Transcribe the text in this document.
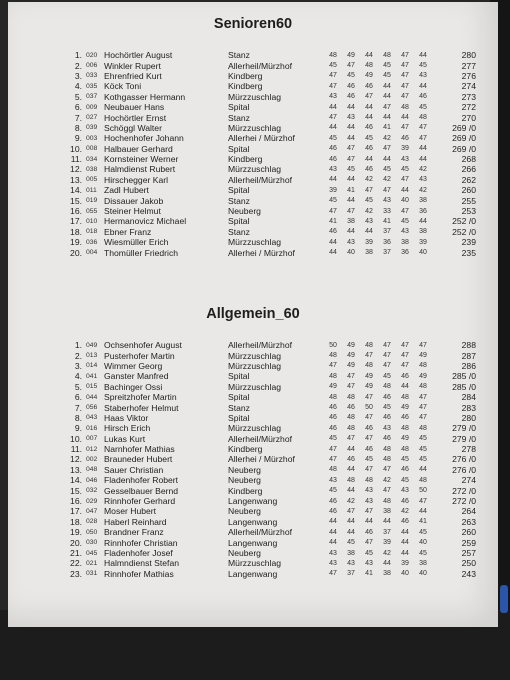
Senioren60
1. 020 Hochörtler August	Stanz	48	49	44	48	47	44	280
2. 006 Winkler Rupert	Allerheil/Mürzhof	45	47	48	45	47	45	277
3. 033 Ehrenfried Kurt	Kindberg	47	45	49	45	47	43	276
4. 035 Köck Toni	Kindberg	47	46	46	44	47	44	274
5. 037 Kothgasser Hermann	Mürzzuschlag	43	46	47	44	47	46	273
6. 009 Neubauer Hans	Spital	44	44	44	47	48	45	272
7. 027 Hochörtler Ernst	Stanz	47	43	44	44	44	48	270
8. 039 Schöggl Walter	Mürzzuschlag	44	44	46	41	47	47	269 /0
9. 003 Hochenhofer Johann	Allerhei / Mürzhof	45	44	45	42	46	47	269 /0
10. 008 Halbauer Gerhard	Spital	46	47	46	47	39	44	269 /0
11. 034 Kornsteiner Werner	Kindberg	46	47	44	44	43	44	268
12. 038 Halmdienst Rubert	Mürzzuschlag	43	45	46	45	45	42	266
13. 005 Hirschegger Karl	Allerheil/Mürzhof	44	44	42	42	47	43	262
14. 011 Zadl Hubert	Spital	39	41	47	47	44	42	260
15. 019 Dissauer Jakob	Stanz	45	44	45	43	40	38	255
16. 055 Steiner Helmut	Neuberg	47	47	42	33	47	36	253
17. 010 Hermanovicz Michael	Spital	41	38	43	41	45	44	252 /0
18. 018 Ebner Franz	Stanz	46	44	44	37	43	38	252 /0
19. 036 Wiesmüller Erich	Mürzzuschlag	44	43	39	36	38	39	239
20. 004 Thomüller Friedrich	Allerhei / Mürzhof	44	40	38	37	36	40	235
Allgemein_60
1. 049 Ochsenhofer August	Allerheil/Mürzhof	50	49	48	47	47	47	288
2. 013 Pusterhofer Martin	Mürzzuschlag	48	49	47	47	47	49	287
3. 014 Wimmer Georg	Mürzzuschlag	47	49	48	47	47	48	286
4. 041 Ganster Manfred	Spital	48	47	49	45	46	49	285 /0
5. 015 Bachinger Ossi	Mürzzuschlag	49	47	49	48	44	48	285 /0
6. 044 Spreitzhofer Martin	Spital	48	48	47	46	48	47	284
7. 056 Staberhofer Helmut	Stanz	46	46	50	45	49	47	283
8. 043 Haas Viktor	Spital	46	48	47	46	46	47	280
9. 016 Hirsch Erich	Mürzzuschlag	46	48	46	43	48	48	279 /0
10. 007 Lukas Kurt	Allerheil/Mürzhof	45	47	47	46	49	45	279 /0
11. 012 Narnhofer Mathias	Kindberg	47	44	46	48	48	45	278
12. 002 Brauneder Hubert	Allerhei / Mürzhof	47	46	45	48	45	45	276 /0
13. 048 Sauer Christian	Neuberg	48	44	47	47	46	44	276 /0
14. 046 Fladenhofer Robert	Neuberg	43	48	48	42	45	48	274
15. 032 Gesselbauer Bernd	Kindberg	45	44	43	47	43	50	272 /0
16. 029 Rinnhofer Gerhard	Langenwang	46	42	43	48	46	47	272 /0
17. 047 Moser Hubert	Neuberg	46	47	47	38	42	44	264
18. 028 Haberl Reinhard	Langenwang	44	44	44	44	46	41	263
19. 050 Brandner Franz	Allerheil/Mürzhof	44	44	46	37	44	45	260
20. 030 Rinnhofer Christian	Langenwang	44	45	47	39	44	40	259
21. 045 Fladenhofer Josef	Neuberg	43	38	45	42	44	45	257
22. 021 Halmndienst Stefan	Mürzzuschlag	43	43	43	44	39	38	250
23. 031 Rinnhofer Mathias	Langenwang	47	37	41	38	40	40	243
